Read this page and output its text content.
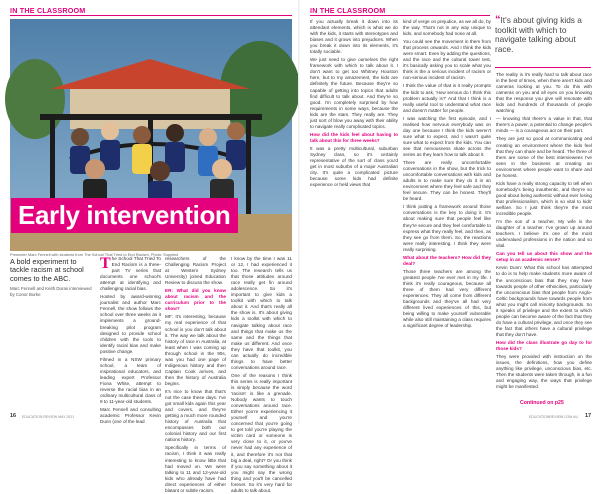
IN THE CLASSROOM
Early intervention
Presenter Marc Fennell with students from The School That Tried to End Racism. Photo: Supplied
A bold experiment to tackle racism at school comes to the ABC.
Marc Fennell and Keith Duras interviewed by Conor Burke

The School That Tried To End Racism is a three-part TV series that documents one school's attempt at identifying and challenging racial bias.

Hosted by award-winning journalist and author Marc Fennell, the show follows the school over three weeks as it implements a ground-breaking pilot program designed to provide school children with the tools to identify racial bias and make positive change.

Filmed in a NSW primary school, a team of inspirational educators, and leading expert Professor Fiona White, attempt to reverse the racial bias in an ordinary multicultural class of 9 to 11-year-old students.

Marc Fennell and consulting academic Professor Kevin Dunn (one of the lead

researchers of the Challenging Racism Project at Western Sydney University) joined Education Review to discuss the show.

ER: What did you know about racism and the curriculum prior to the show?

MF: It's interesting, because my real experience of that school is you don't talk about it. The way we talk about the history of race in Australia, at least when I was coming up through school in the 90s, was you had one page of Indigenous history and then Captain Cook arrives, and then the history of Australia begins.

It's nice to know that that's not the case these days. I've got small kids again this year and covers, and they're getting a much more rounded history of Australia that encompasses both our colonial history and our first nations history.

Specifically in terms of racism, I think it was really interesting to know little that had moved on. We were talking to 11 and 12-year-old kids who already have had direct experiences of either blatant or subtle racism.

I know by the time I was 11 or 12, I had experienced it too. The research tells us that those attitudes around race really get fin around adolescence. So it's important to give kids a toolkit with which to talk about it. And that's really all the show is. It's about giving kids a toolkit with which to navigate talking about race and things that make us the same and the things that make us different. And once they have that toolkit, you can actually do incredible things to have better conversations around race.

One of the reasons I think this series is really important is simply because the word 'racism' is like a grenade. Nobody wants to touch conversations around race. Either you're experiencing it yourself and you're concerned that you're going to get told you're playing the victim card or someone is very close to it, or you've never had any experience of it, and therefore it's not that big a deal, right? Or you think if you say something about it you might say the wrong thing and you'll be cancelled forever. So it's very hard for adults to talk about.

16 EDUCATION REVIEW MAY 2021
IN THE CLASSROOM

If you actually break it down into its attendant elements, which is what we do with the kids, it starts with stereotypes and biases and it grows into prejudices. When you break it down into its elements, it's totally sociable.

We just need to give ourselves the right framework with which to talk about it. I don't want to get too Whitney Houston here, but to my amazement, the kids are definitely the future. Because they're so capable of getting into topics that adults find difficult to talk about. And they're so good. I'm completely surprised by how requirements in some ways, because the kids are the stars. They really are. They just sort of blow you away with their ability to navigate really complicated topics.

How did the kids feel about having to talk about this for three weeks?

It was a pretty multicultural, suburban Sydney class, so it's certainly representative of the sort of class you'd get in most suburbs of a major Australian city. It's quite a complicated picture because some kids had definite experience or held views that

kind of verge on prejudice, as we all do, by the way. That's not in any way unique to kids, and somebody had none at all.

You could see the movement in them from that process onwards. And I think the kids were smart. Even by adding the questions, and the race and the cultural tower test, it's basically asking you to scale what you think is the a serious incident of racism or non-serious incident of racism.

I think the value of that is it really prompts the kids to ask, 'How serious do I think this problem actually is?' And that I think is a really useful tool to understand what race and doesn't matter for people.

I was watching the first episode, and I realised how nervous everybody was on day one because I think the kids weren't sure what to expect, and I wasn't quite sure what to expect from the kids. You can see that nervousness skate across the series as they learn how to talk about it.

There are really uncomfortable conversations in the show, but the trick to uncomfortable conversations with kids and adults is to make sure they do it in an environment where they feel safe and they feel secure. They can be honest. They'll be heard.

I think putting a framework around those conversations is the key to doing it. It's about making sure that people feel like they're secure and they feel comfortable to express what they really feel, and then, as they see go from them. So, the reactions were really interesting. I think they were really surprising.

What about the teachers? How did they deal?

Those three teachers are among the greatest people I've ever met in my life. I think it's really courageous, because all three of them had very different experiences. They all come from different backgrounds and they've all had very different lived experiences of this, but being willing to make yourself vulnerable while also still maintaining a class requires a significant degree of leadership.

“It's about giving kids a toolkit with which to navigate talking about race.

The reality is it's really hard to talk about race in the best of times, when there aren't kids and cameras looking at you. To do this with cameras on you and all eyes on you knowing that the response you give will resonate with kids and hundreds of thousands of people watching

— knowing that there's a value in that, that there's a power, a potential to change people's minds — is a courageous act on their part.

They are just so good at communicating and creating an environment where the kids feel that they can share and be heard. The three of them are some of the best interviewees I've seen in the business at creating an environment where people want to share and be honest.

Kids have a really strong capacity to tell when somebody's being inauthentic, and they're so good about being authentic without ever losing that professionalism, which is so vital to kids' welfare. So I just think they're the most incredible people.

I'm the son of a teacher. My wife is the daughter of a teacher. I've grown up around teachers. I believe it's one of the most undervalued professions in the nation and so vital.

Can you tell us about this show and the setup in an academic sense?

Kevin Dunn: What this school has attempted to do is to help make students more aware of the unconscious bias that they may have towards people of other ethnicities, particularly the unconscious bias that people from Anglo-Celtic backgrounds have towards people from what you might call minority backgrounds. So it speaks of privilege and the extent to which people can become aware of the fact that they do have a cultural privilege, and once they see the fact that others have a cultural privilege that they don't have.

How did the class illustrate go day to for those kids?

They were provided with instruction on the issues, the definitions, how you define anything like privilege, unconscious bias, etc. Then the students were taken through, in a fun and engaging way, the ways that privilege might be manifested.

Continued on p25
EDUCATIONREVIEW.COM.AU 17
